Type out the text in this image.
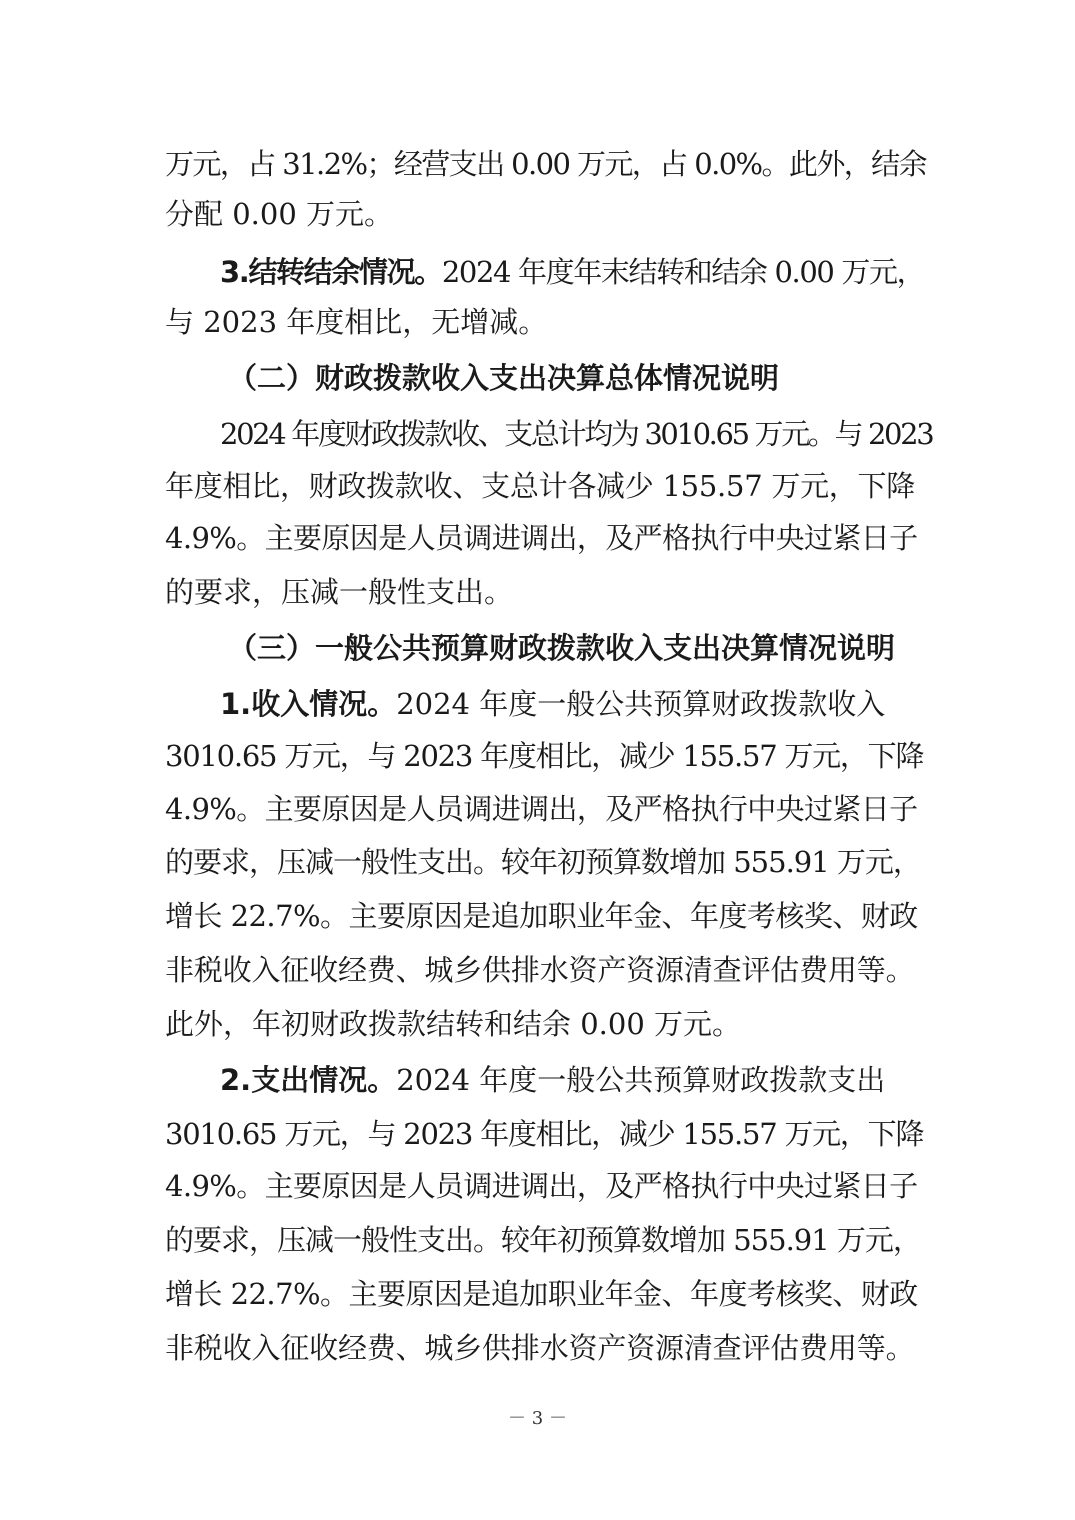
万元，占 31.2%；经营支出 0.00 万元，占 0.0%。此外，结余
分配 0.00 万元。
3.结转结余情况。2024 年度年末结转和结余 0.00 万元，
与 2023 年度相比，无增减。
（二）财政拨款收入支出决算总体情况说明
2024 年度财政拨款收、支总计均为 3010.65 万元。与 2023
年度相比，财政拨款收、支总计各减少 155.57 万元，下降
4.9%。主要原因是人员调进调出，及严格执行中央过紧日子
的要求，压减一般性支出。
（三）一般公共预算财政拨款收入支出决算情况说明
1.收入情况。2024 年度一般公共预算财政拨款收入
3010.65 万元，与 2023 年度相比，减少 155.57 万元，下降
4.9%。主要原因是人员调进调出，及严格执行中央过紧日子
的要求，压减一般性支出。较年初预算数增加 555.91 万元，
增长 22.7%。主要原因是追加职业年金、年度考核奖、财政
非税收入征收经费、城乡供排水资产资源清查评估费用等。
此外，年初财政拨款结转和结余 0.00 万元。
2.支出情况。2024 年度一般公共预算财政拨款支出
3010.65 万元，与 2023 年度相比，减少 155.57 万元，下降
4.9%。主要原因是人员调进调出，及严格执行中央过紧日子
的要求，压减一般性支出。较年初预算数增加 555.91 万元，
增长 22.7%。主要原因是追加职业年金、年度考核奖、财政
非税收入征收经费、城乡供排水资产资源清查评估费用等。
－ 3 －
